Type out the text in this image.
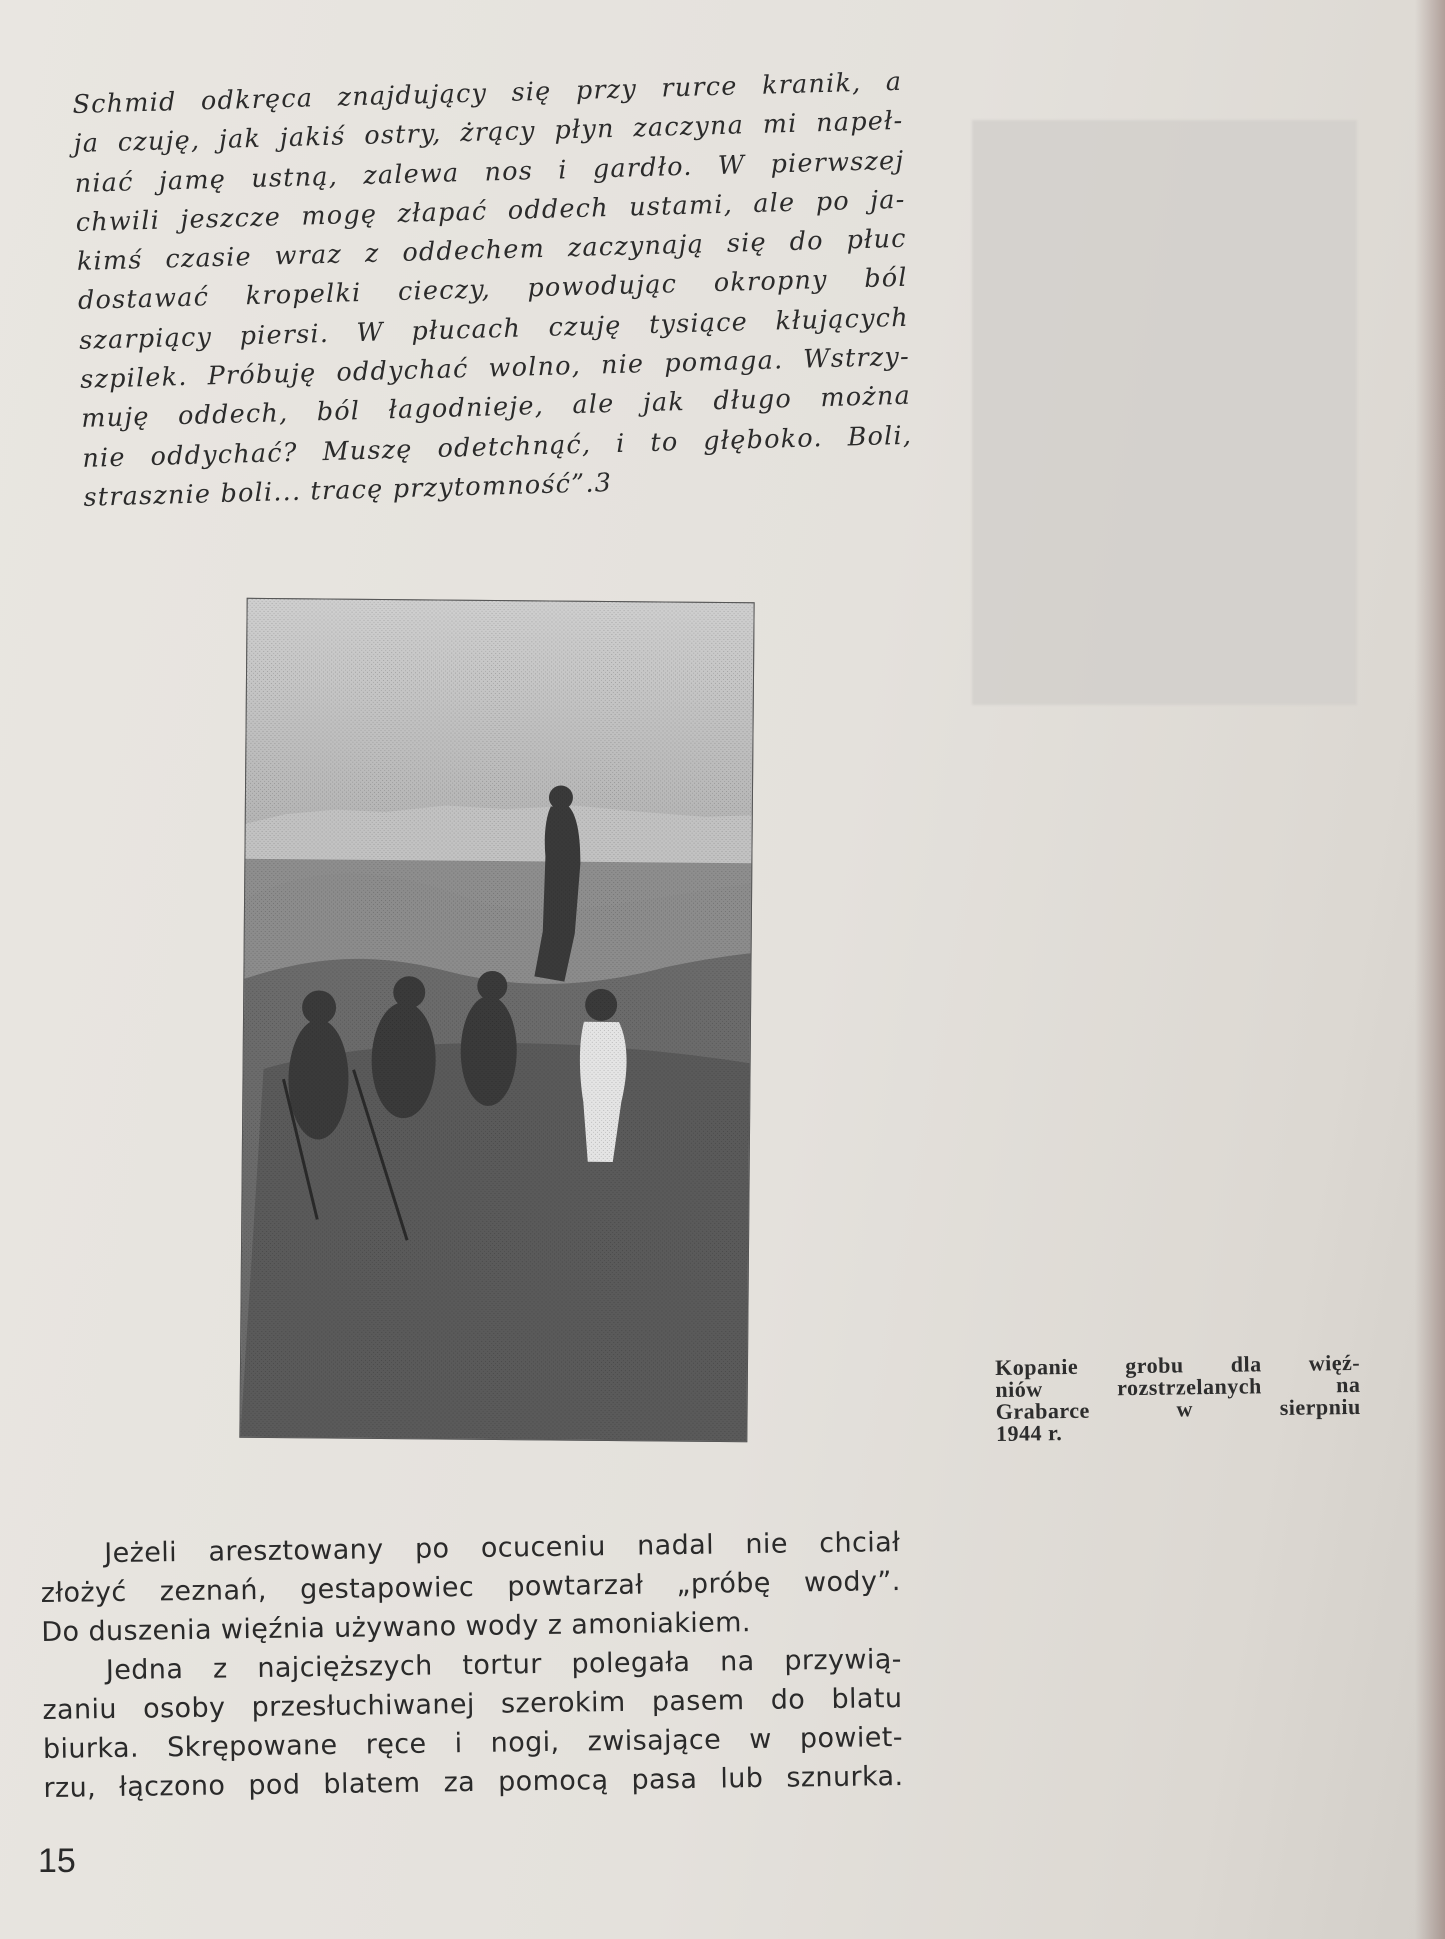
Schmid odkręca znajdujący się przy rurce kranik, a
ja czuję, jak jakiś ostry, żrący płyn zaczyna mi napeł-
niać jamę ustną, zalewa nos i gardło. W pierwszej
chwili jeszcze mogę złapać oddech ustami, ale po ja-
kimś czasie wraz z oddechem zaczynają się do płuc
dostawać kropelki cieczy, powodując okropny ból
szarpiący piersi. W płucach czuję tysiące kłujących
szpilek. Próbuję oddychać wolno, nie pomaga. Wstrzy-
muję oddech, ból łagodnieje, ale jak długo można
nie oddychać? Muszę odetchnąć, i to głęboko. Boli,
strasznie boli... tracę przytomność”.3
Kopanie grobu dla więź-
niów rozstrzelanych na
Grabarce w sierpniu
1944 r.
Jeżeli aresztowany po ocuceniu nadal nie chciał
złożyć zeznań, gestapowiec powtarzał „próbę wody”.
Do duszenia więźnia używano wody z amoniakiem.
Jedna z najcięższych tortur polegała na przywią-
zaniu osoby przesłuchiwanej szerokim pasem do blatu
biurka. Skrępowane ręce i nogi, zwisające w powiet-
rzu, łączono pod blatem za pomocą pasa lub sznurka.
15
